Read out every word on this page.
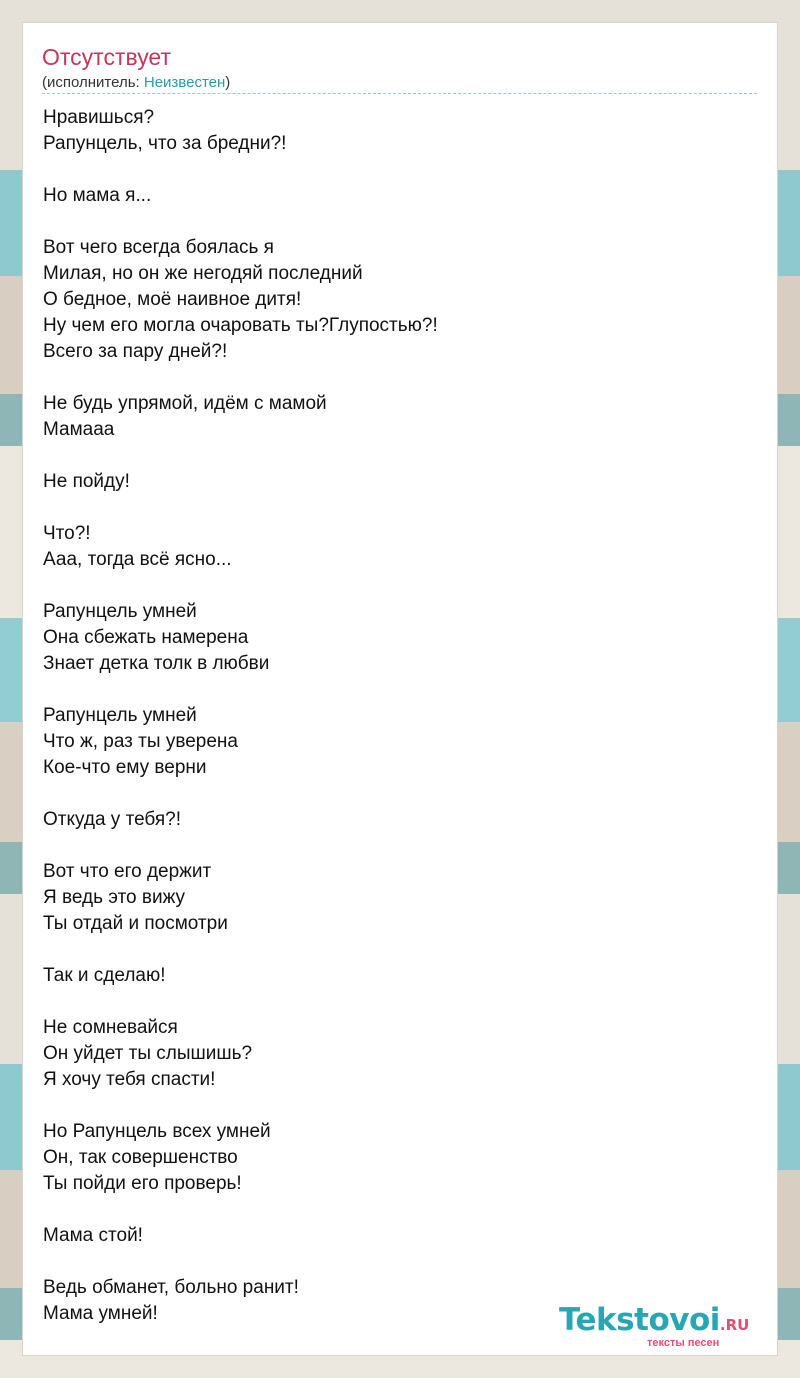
Отсутствует
(исполнитель: Неизвестен)
Нравишься?
Рапунцель, что за бредни?!
Но мама я...
Вот чего всегда боялась я
Милая, но он же негодяй последний
О бедное, моё наивное дитя!
Ну чем его могла очаровать ты?Глупостью?!
Всего за пару дней?!
Не будь упрямой, идём с мамой
Мамааа
Не пойду!
Что?!
Ааа, тогда всё ясно...
Рапунцель умней
Она сбежать намерена
Знает детка толк в любви
Рапунцель умней
Что ж, раз ты уверена
Кое-что ему верни
Откуда у тебя?!
Вот что его держит
Я ведь это вижу
Ты отдай и посмотри
Так и сделаю!
Не сомневайся
Он уйдет ты слышишь?
Я хочу тебя спасти!
Но Рапунцель всех умней
Он, так совершенство
Ты пойди его проверь!
Мама стой!
Ведь обманет, больно ранит!
Мама умней!	Tekstovoi.RU
тексты песен
